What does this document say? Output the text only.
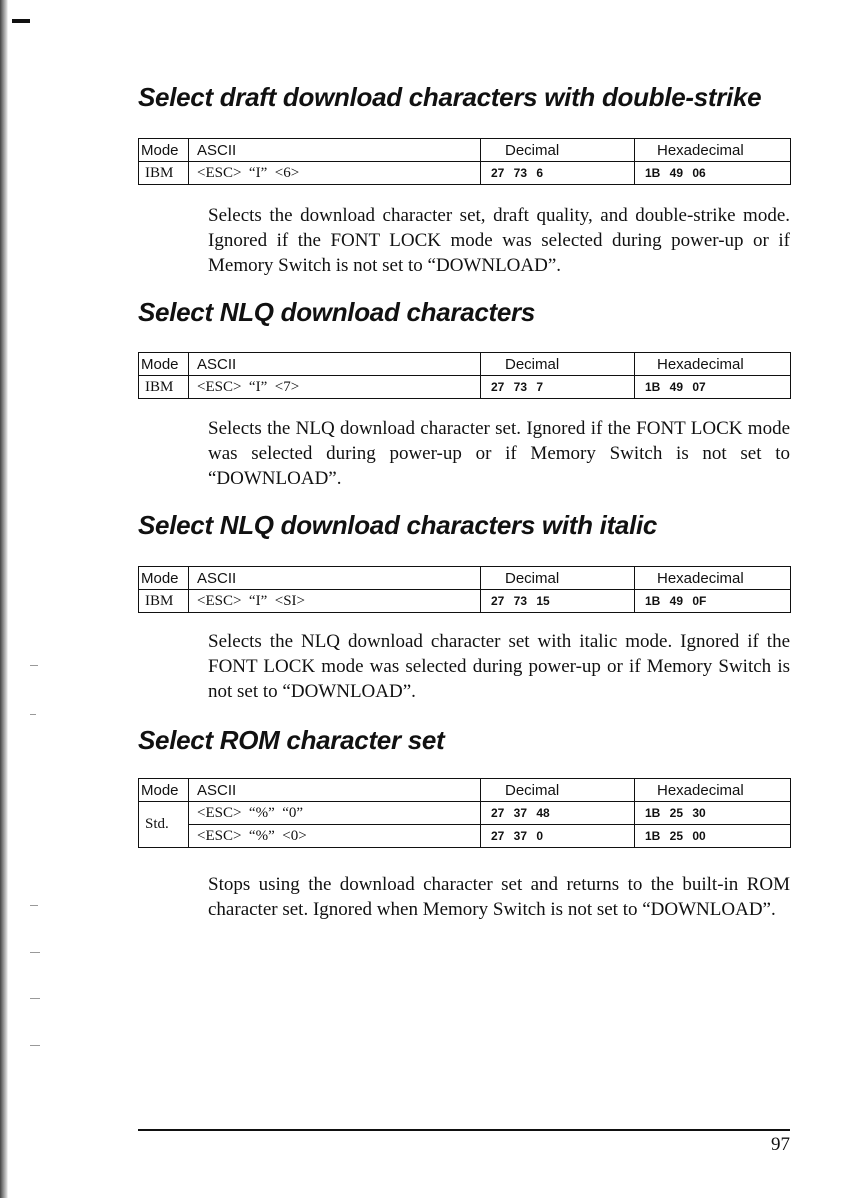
Select draft download characters with double-strike
Mode	ASCII	Decimal	Hexadecimal
IBM	<ESC>  “I”  <6>	27 73 6	1B 49 06

Selects the download character set, draft quality, and double-strike mode. Ignored if the FONT LOCK mode was selected during power-up or if Memory Switch is not set to “DOWNLOAD”.

Select NLQ download characters
Mode	ASCII	Decimal	Hexadecimal
IBM	<ESC>  “I”  <7>	27 73 7	1B 49 07

Selects the NLQ download character set. Ignored if the FONT LOCK mode was selected during power-up or if Memory Switch is not set to “DOWNLOAD”.

Select NLQ download characters with italic
Mode	ASCII	Decimal	Hexadecimal
IBM	<ESC>  “I”  <SI>	27 73 15	1B 49 0F

Selects the NLQ download character set with italic mode. Ignored if the FONT LOCK mode was selected during power-up or if Memory Switch is not set to “DOWNLOAD”.

Select ROM character set
Mode	ASCII	Decimal	Hexadecimal
Std.	<ESC>  “%”  “0”	27 37 48	1B 25 30
	<ESC>  “%”  <0>	27 37 0	1B 25 00

Stops using the download character set and returns to the built-in ROM character set. Ignored when Memory Switch is not set to “DOWNLOAD”.

97
